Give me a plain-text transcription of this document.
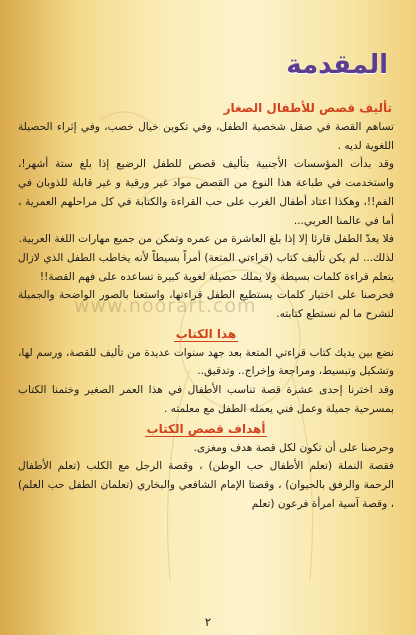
المقدمة
تأليف قصص للأطفال الصغار

تساهم القصة في صقل شخصية الطفل، وفي تكوين خيال خصب، وفي إثراء الحصيلة اللغوية لديه .

وقد بدأت المؤسسات الأجنبية بتأليف قصص للطفل الرضيع إذا بلغ ستة أشهر!، واستخدمت في طباعة هذا النوع من القصص مواد غير ورقية و غير قابلة للذوبان في الفم!!، وهكذا اعتاد أطفال الغرب على حب القراءة والكتابة في كل مراحلهم العمرية ، أما في عالمنا العربي...

فلا يعدّ الطفل قارئا إلا إذا بلغ العاشرة من عمره وتمكن من جميع مهارات اللغة العربية.

لذلك... لم يكن تأليف كتاب (قراءتي المتعة) أمراً بسيطاً لأنه يخاطب الطفل الذي لازال يتعلم قراءة كلمات بسيطة ولا يملك حصيلة لغوية كبيرة تساعده على فهم القصة!!

فحرصنا على اختيار كلمات يستطيع الطفل قراءتها، واستعنا بالصور الواضحة والجميلة لتشرح ما لم نستطع كتابته.

هذا الكتاب

نضع بين يديك كتاب قراءتي المتعة بعد جهد سنوات عديدة من تأليف للقصة، ورسم لها، وتشكيل وتبسيط، ومراجعة وإخراج.. وتدقيق..

وقد اخترنا إحدى عشرة قصة تناسب الأطفال في هذا العمر الصغير وختمنا الكتاب بمسرحية جميلة وعمل فني يعمله الطفل مع معلمته .

أهداف قصص الكتاب

وحرصنا على أن تكون لكل قصة هدف ومغزى.

فقصة النملة (تعلم الأطفال حب الوطن) ، وقصة الرجل مع الكلب (تعلم الأطفال الرحمة والرفق بالحيوان) ، وقصتا الإمام الشافعي والبخاري (تعلمان الطفل حب العلم) ، وقصة آسية امرأة فرعون (تعلم

www.noorart.com
٢
